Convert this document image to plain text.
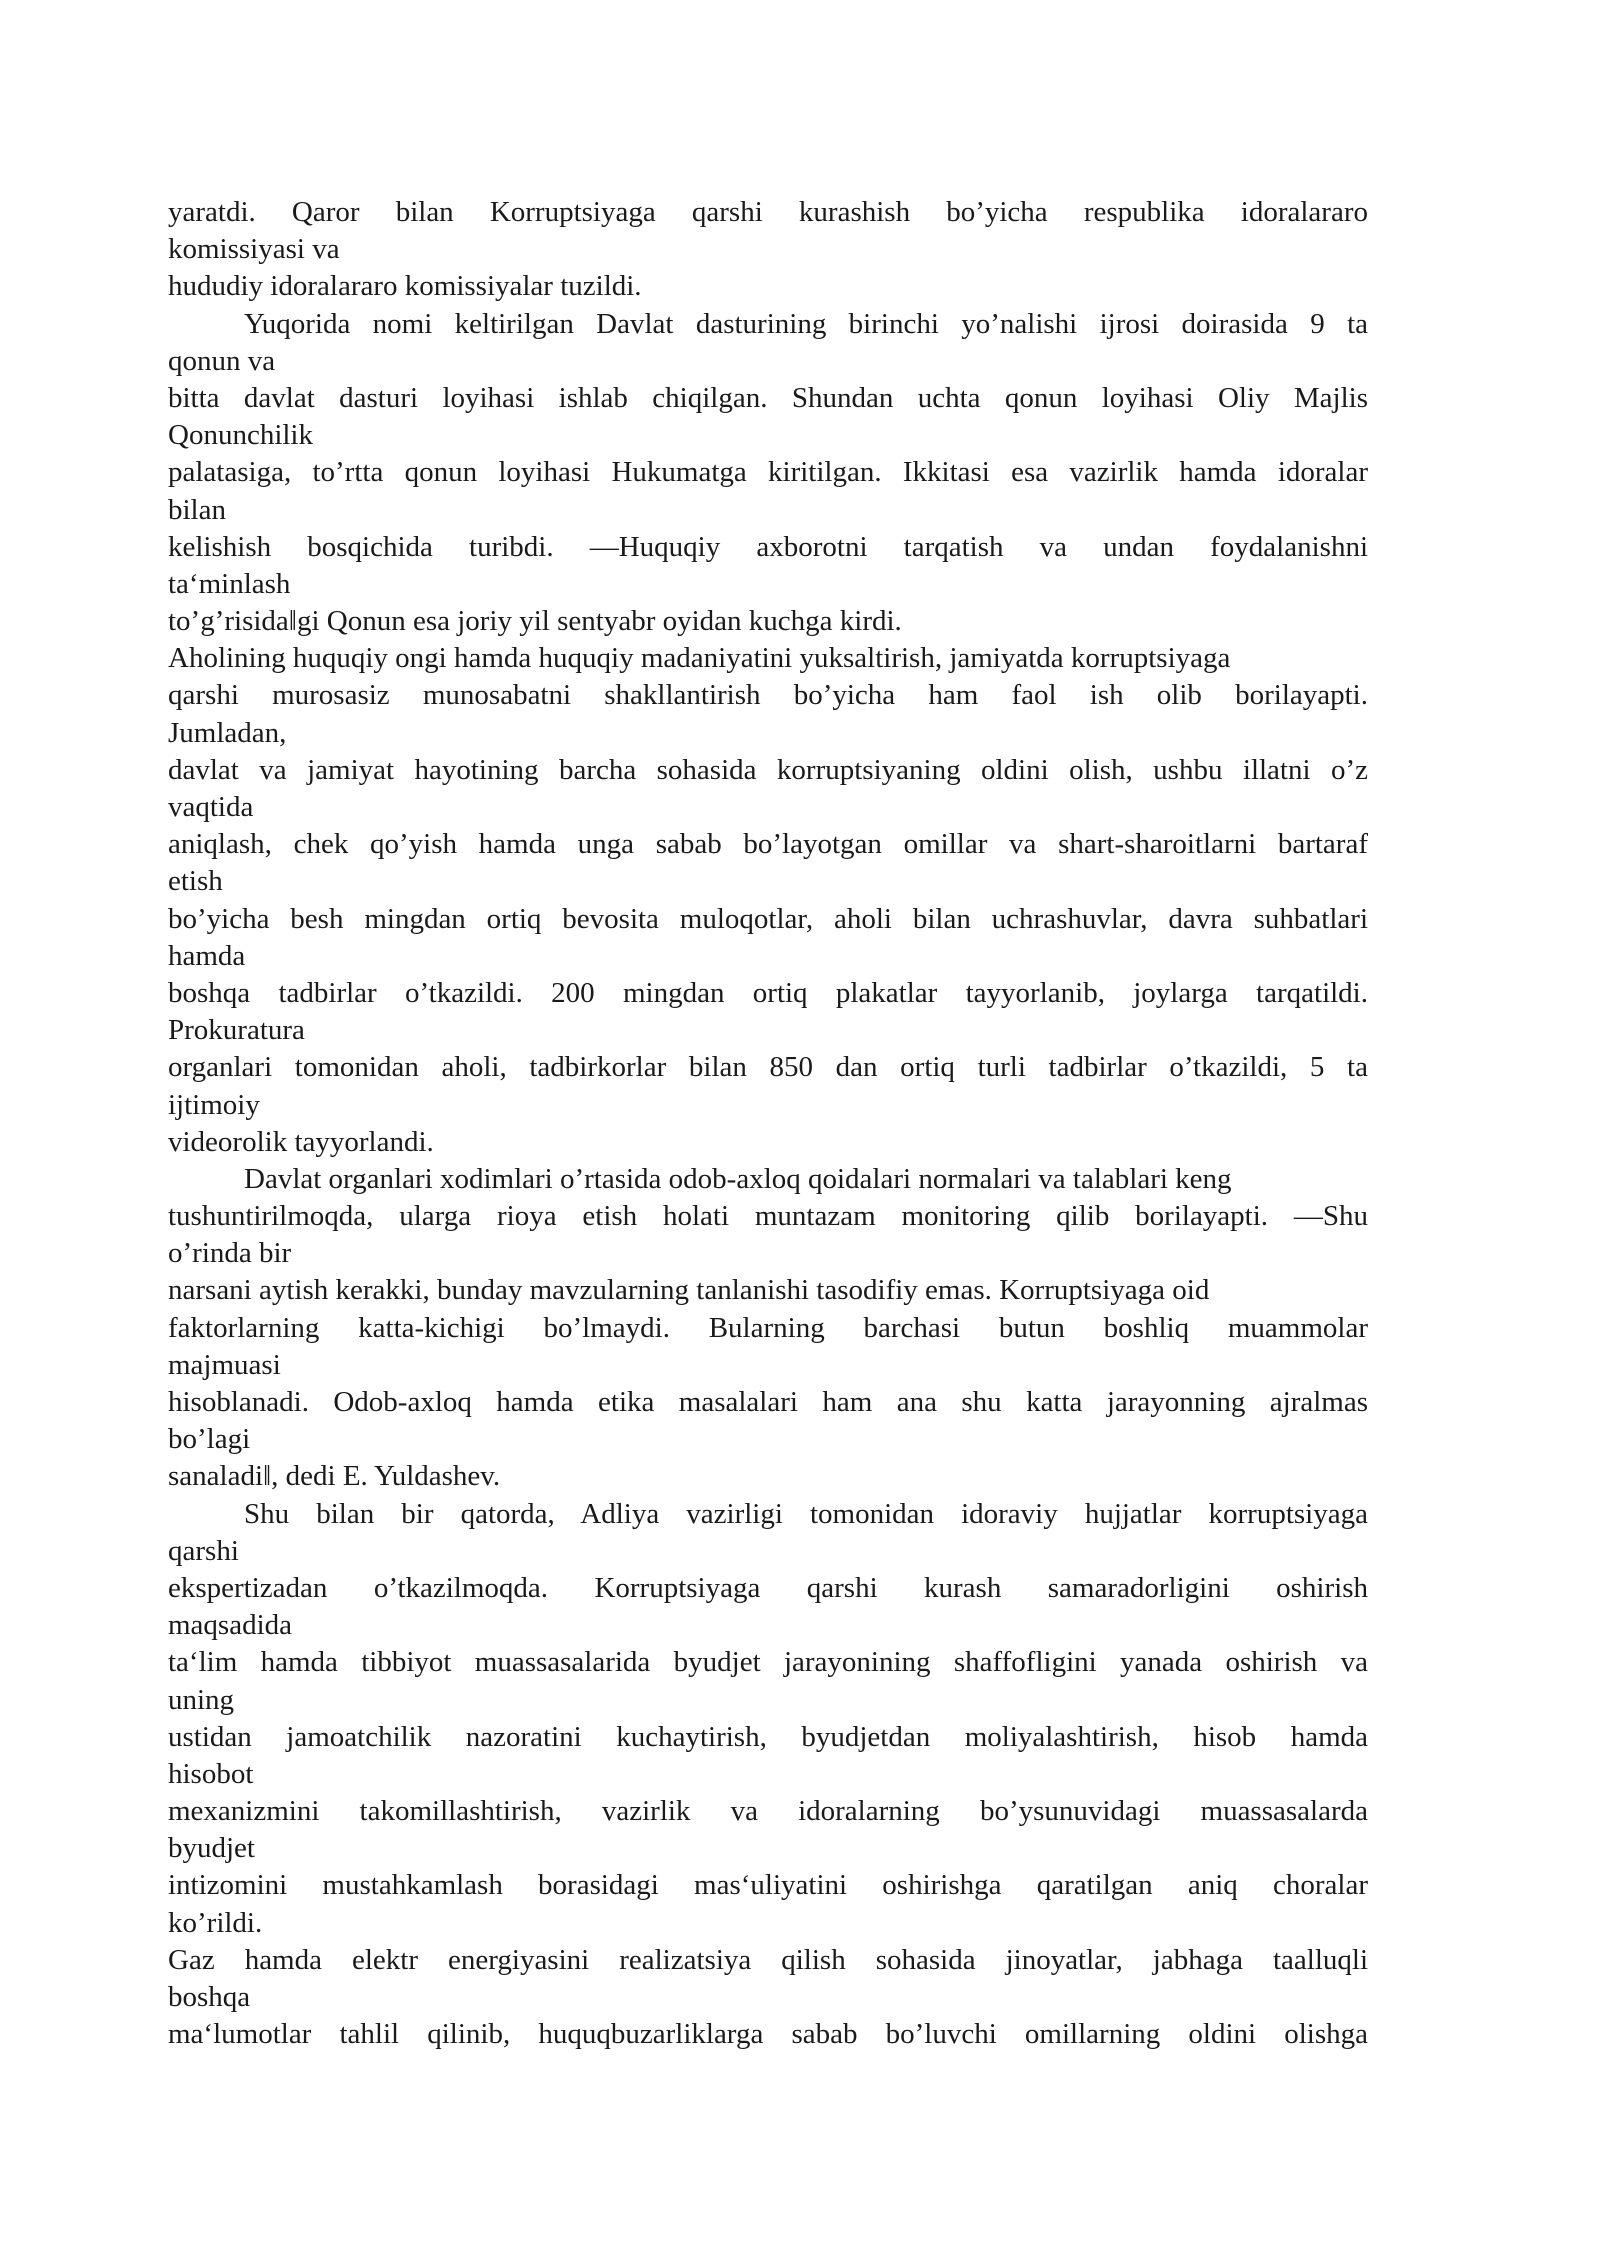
yaratdi. Qaror bilan Korruptsiyaga qarshi kurashish bo’yicha respublika idoralararo
komissiyasi va
hududiy idoralararo komissiyalar tuzildi.
Yuqorida nomi keltirilgan Davlat dasturining birinchi yo’nalishi ijrosi doirasida 9 ta
qonun va
bitta davlat dasturi loyihasi ishlab chiqilgan. Shundan uchta qonun loyihasi Oliy Majlis
Qonunchilik
palatasiga, to’rtta qonun loyihasi Hukumatga kiritilgan. Ikkitasi esa vazirlik hamda idoralar
bilan
kelishish bosqichida turibdi. ―Huquqiy axborotni tarqatish va undan foydalanishni
ta‘minlash
to’g’risida‖gi Qonun esa joriy yil sentyabr oyidan kuchga kirdi.
Aholining huquqiy ongi hamda huquqiy madaniyatini yuksaltirish, jamiyatda korruptsiyaga
qarshi murosasiz munosabatni shakllantirish bo’yicha ham faol ish olib borilayapti.
Jumladan,
davlat va jamiyat hayotining barcha sohasida korruptsiyaning oldini olish, ushbu illatni o’z
vaqtida
aniqlash, chek qo’yish hamda unga sabab bo’layotgan omillar va shart-sharoitlarni bartaraf
etish
bo’yicha besh mingdan ortiq bevosita muloqotlar, aholi bilan uchrashuvlar, davra suhbatlari
hamda
boshqa tadbirlar o’tkazildi. 200 mingdan ortiq plakatlar tayyorlanib, joylarga tarqatildi.
Prokuratura
organlari tomonidan aholi, tadbirkorlar bilan 850 dan ortiq turli tadbirlar o’tkazildi, 5 ta
ijtimoiy
videorolik tayyorlandi.
Davlat organlari xodimlari o’rtasida odob-axloq qoidalari normalari va talablari keng
tushuntirilmoqda, ularga rioya etish holati muntazam monitoring qilib borilayapti. ―Shu
o’rinda bir
narsani aytish kerakki, bunday mavzularning tanlanishi tasodifiy emas. Korruptsiyaga oid
faktorlarning katta-kichigi bo’lmaydi. Bularning barchasi butun boshliq muammolar
majmuasi
hisoblanadi. Odob-axloq hamda etika masalalari ham ana shu katta jarayonning ajralmas
bo’lagi
sanaladi‖, dedi E. Yuldashev.
Shu bilan bir qatorda, Adliya vazirligi tomonidan idoraviy hujjatlar korruptsiyaga
qarshi
ekspertizadan o’tkazilmoqda. Korruptsiyaga qarshi kurash samaradorligini oshirish
maqsadida
ta‘lim hamda tibbiyot muassasalarida byudjet jarayonining shaffofligini yanada oshirish va
uning
ustidan jamoatchilik nazoratini kuchaytirish, byudjetdan moliyalashtirish, hisob hamda
hisobot
mexanizmini takomillashtirish, vazirlik va idoralarning bo’ysunuvidagi muassasalarda
byudjet
intizomini mustahkamlash borasidagi mas‘uliyatini oshirishga qaratilgan aniq choralar
ko’rildi.
Gaz hamda elektr energiyasini realizatsiya qilish sohasida jinoyatlar, jabhaga taalluqli
boshqa
ma‘lumotlar tahlil qilinib, huquqbuzarliklarga sabab bo’luvchi omillarning oldini olishga
